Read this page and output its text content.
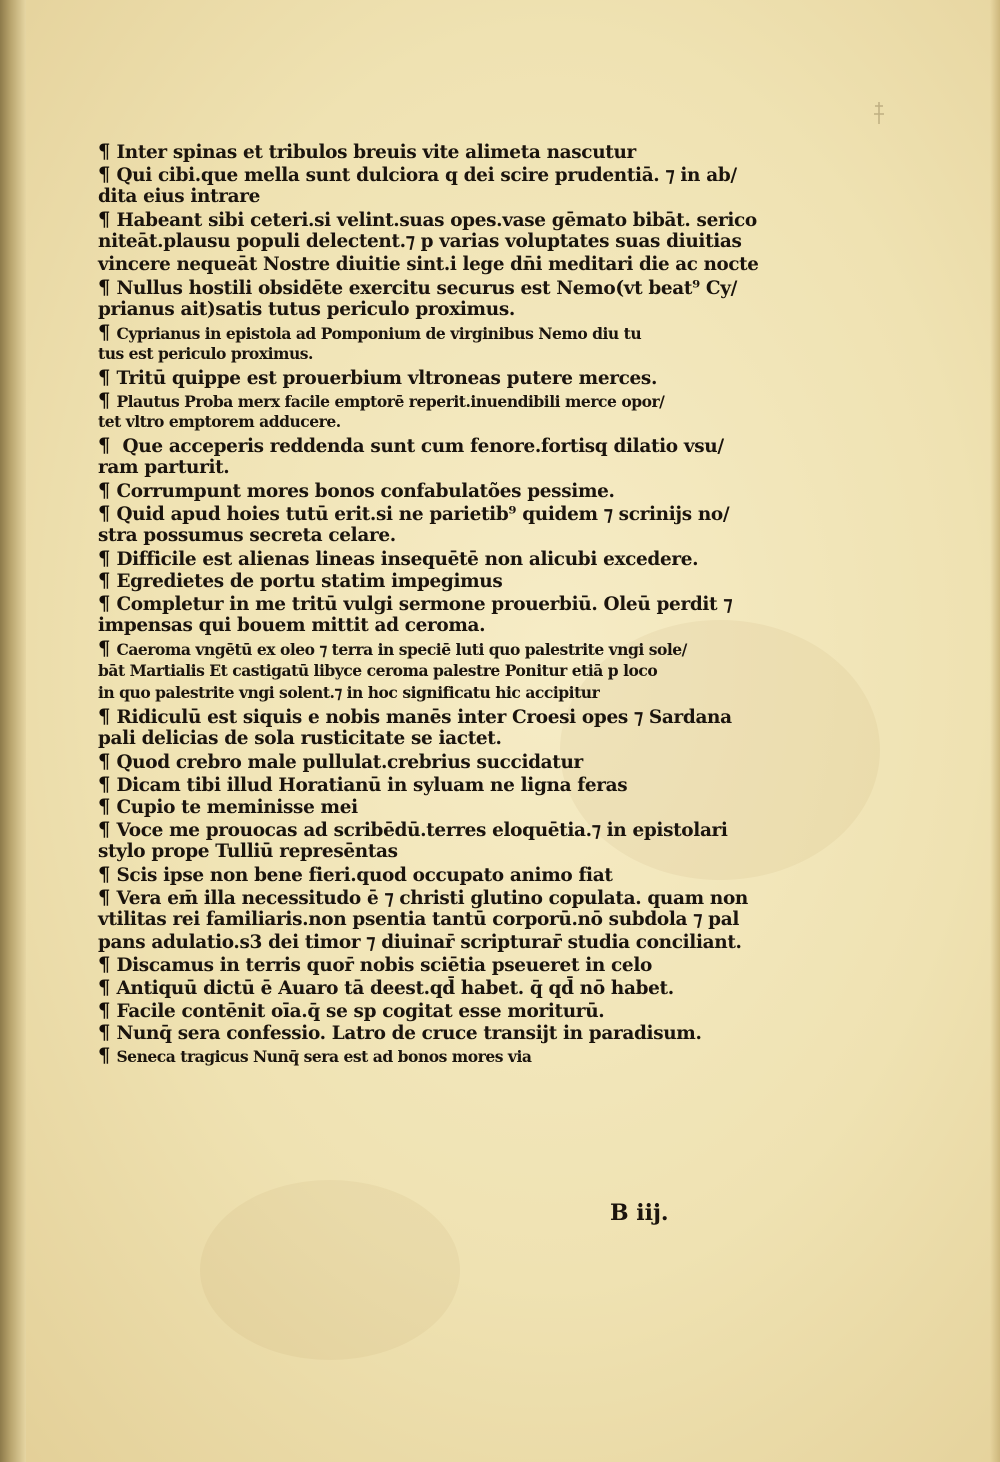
¶ Inter spinas et tribulos breuis vite alimeta nascutur
¶ Qui cibi.que mella sunt dulciora q dei scire prudentiā. ⁊ in ab/
dita eius intrare
¶ Habeant sibi ceteri.si velint.suas opes.vase gēmato bibāt. serico
niteāt.plausu populi delectent.⁊ p varias voluptates suas diuitias
vincere nequeāt Nostre diuitie sint.i lege dn̄i meditari die ac nocte
¶ Nullus hostili obsidēte exercitu securus est Nemo(vt beat⁹ Cy/
prianus ait)satis tutus periculo proximus.
¶ Cyprianus in epistola ad Pomponium de virginibus Nemo diu tu
tus est periculo proximus.
¶ Tritū quippe est prouerbium vltroneas putere merces.
¶ Plautus Proba merx facile emptorē reperit.inuendibili merce opor/
tet vltro emptorem adducere.
¶ Que acceperis reddenda sunt cum fenore.fortisq dilatio vsu/
ram parturit.
¶ Corrumpunt mores bonos confabulatões pessime.
¶ Quid apud hoies tutū erit.si ne parietib⁹ quidem ⁊ scrinijs no/
stra possumus secreta celare.
¶ Difficile est alienas lineas insequētē non alicubi excedere.
¶ Egredietes de portu statim impegimus
¶ Completur in me tritū vulgi sermone prouerbiū. Oleū perdit ⁊
impensas qui bouem mittit ad ceroma.
¶ Caeroma vngētū ex oleo ⁊ terra in speciē luti quo palestrite vngi sole/
bāt Martialis Et castigatū libyce ceroma palestre Ponitur etiā p loco
in quo palestrite vngi solent.⁊ in hoc significatu hic accipitur
¶ Ridiculū est siquis e nobis manēs inter Croesi opes ⁊ Sardana
pali delicias de sola rusticitate se iactet.
¶ Quod crebro male pullulat.crebrius succidatur
¶ Dicam tibi illud Horatianū in syluam ne ligna feras
¶ Cupio te meminisse mei
¶ Voce me prouocas ad scribēdū.terres eloquētia.⁊ in epistolari
stylo prope Tulliū represēntas
¶ Scis ipse non bene fieri.quod occupato animo fiat
¶ Vera em̄ illa necessitudo ē ⁊ christi glutino copulata. quam non
vtilitas rei familiaris.non psentia tantū corporū.nō subdola ⁊ pal
pans adulatio.s3 dei timor ⁊ diuinar̄ scripturar̄ studia conciliant.
¶ Discamus in terris quor̄ nobis sciētia pseueret in celo
¶ Antiquū dictū ē Auaro tā deest.qd̄ habet. q̄ qd̄ nō habet.
¶ Facile contēnit oīa.q̄ se sp cogitat esse moriturū.
¶ Nunq̄ sera confessio. Latro de cruce transijt in paradisum.
¶ Seneca tragicus Nunq̄ sera est ad bonos mores via
B iij.
